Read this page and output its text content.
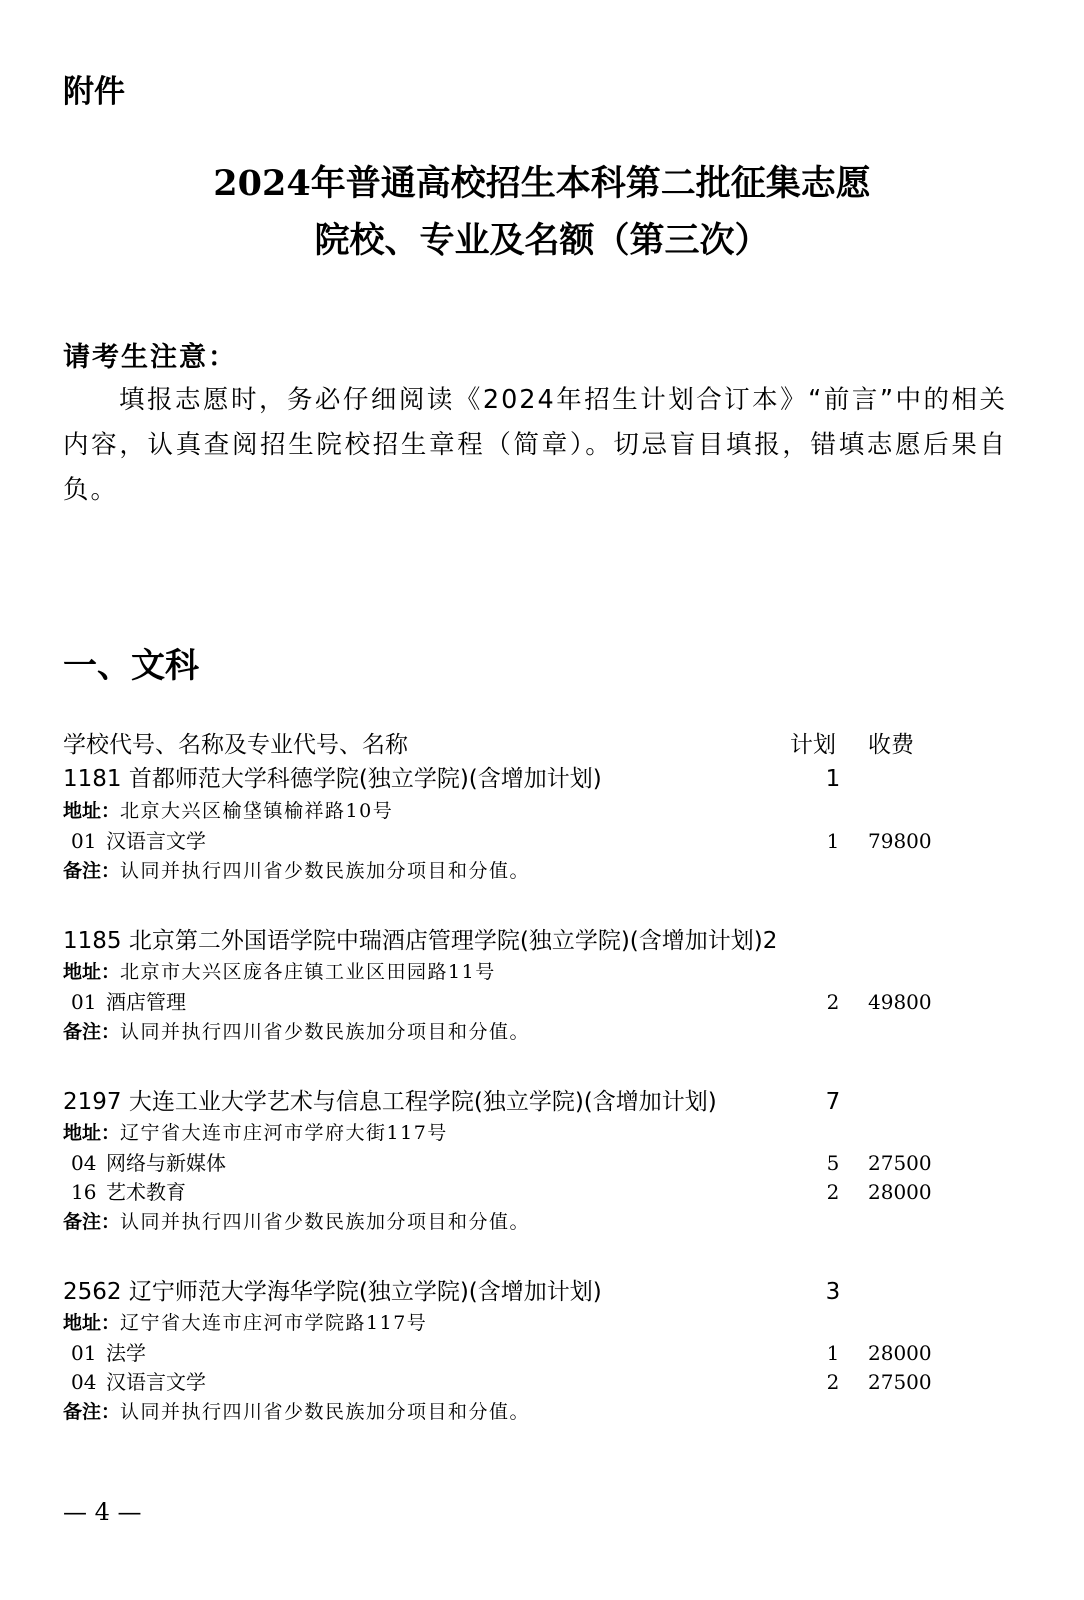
附件
2024年普通高校招生本科第二批征集志愿
院校、专业及名额（第三次）
请考生注意：
填报志愿时，务必仔细阅读《2024年招生计划合订本》“前言”中的相关内容，认真查阅招生院校招生章程（简章）。切忌盲目填报，错填志愿后果自负。
一、文科
学校代号、名称及专业代号、名称	计划 收费
1181 首都师范大学科德学院(独立学院)(含增加计划)	1
地址：北京大兴区榆垡镇榆祥路10号
01 汉语言文学	1	79800
备注：认同并执行四川省少数民族加分项目和分值。
1185 北京第二外国语学院中瑞酒店管理学院(独立学院)(含增加计划)2
地址：北京市大兴区庞各庄镇工业区田园路11号
01 酒店管理	2	49800
备注：认同并执行四川省少数民族加分项目和分值。
2197 大连工业大学艺术与信息工程学院(独立学院)(含增加计划)	7
地址：辽宁省大连市庄河市学府大街117号
04 网络与新媒体	5	27500
16 艺术教育	2	28000
备注：认同并执行四川省少数民族加分项目和分值。
2562 辽宁师范大学海华学院(独立学院)(含增加计划)	3
地址：辽宁省大连市庄河市学院路117号
01 法学	1	28000
04 汉语言文学	2	27500
备注：认同并执行四川省少数民族加分项目和分值。
— 4 —
